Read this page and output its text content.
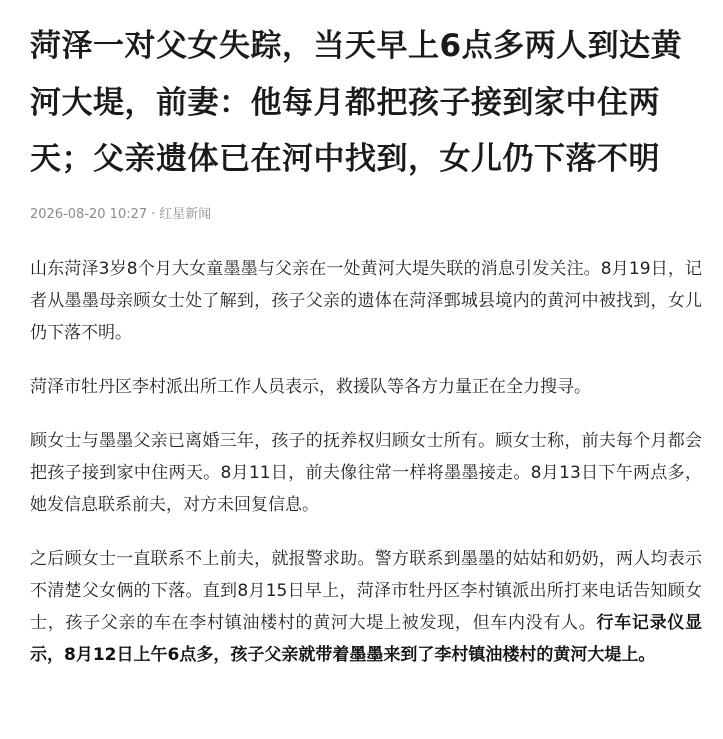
菏泽一对父女失踪，当天早上6点多两人到达黄河大堤，前妻：他每月都把孩子接到家中住两天；父亲遗体已在河中找到，女儿仍下落不明
2026-08-20 10:27 · 红星新闻

山东菏泽3岁8个月大女童墨墨与父亲在一处黄河大堤失联的消息引发关注。8月19日，记者从墨墨母亲顾女士处了解到，孩子父亲的遗体在菏泽鄄城县境内的黄河中被找到，女儿仍下落不明。

菏泽市牡丹区李村派出所工作人员表示，救援队等各方力量正在全力搜寻。

顾女士与墨墨父亲已离婚三年，孩子的抚养权归顾女士所有。顾女士称，前夫每个月都会把孩子接到家中住两天。8月11日，前夫像往常一样将墨墨接走。8月13日下午两点多，她发信息联系前夫，对方未回复信息。

之后顾女士一直联系不上前夫，就报警求助。警方联系到墨墨的姑姑和奶奶，两人均表示不清楚父女俩的下落。直到8月15日早上，菏泽市牡丹区李村镇派出所打来电话告知顾女士，孩子父亲的车在李村镇油楼村的黄河大堤上被发现，但车内没有人。行车记录仪显示，8月12日上午6点多，孩子父亲就带着墨墨来到了李村镇油楼村的黄河大堤上。
